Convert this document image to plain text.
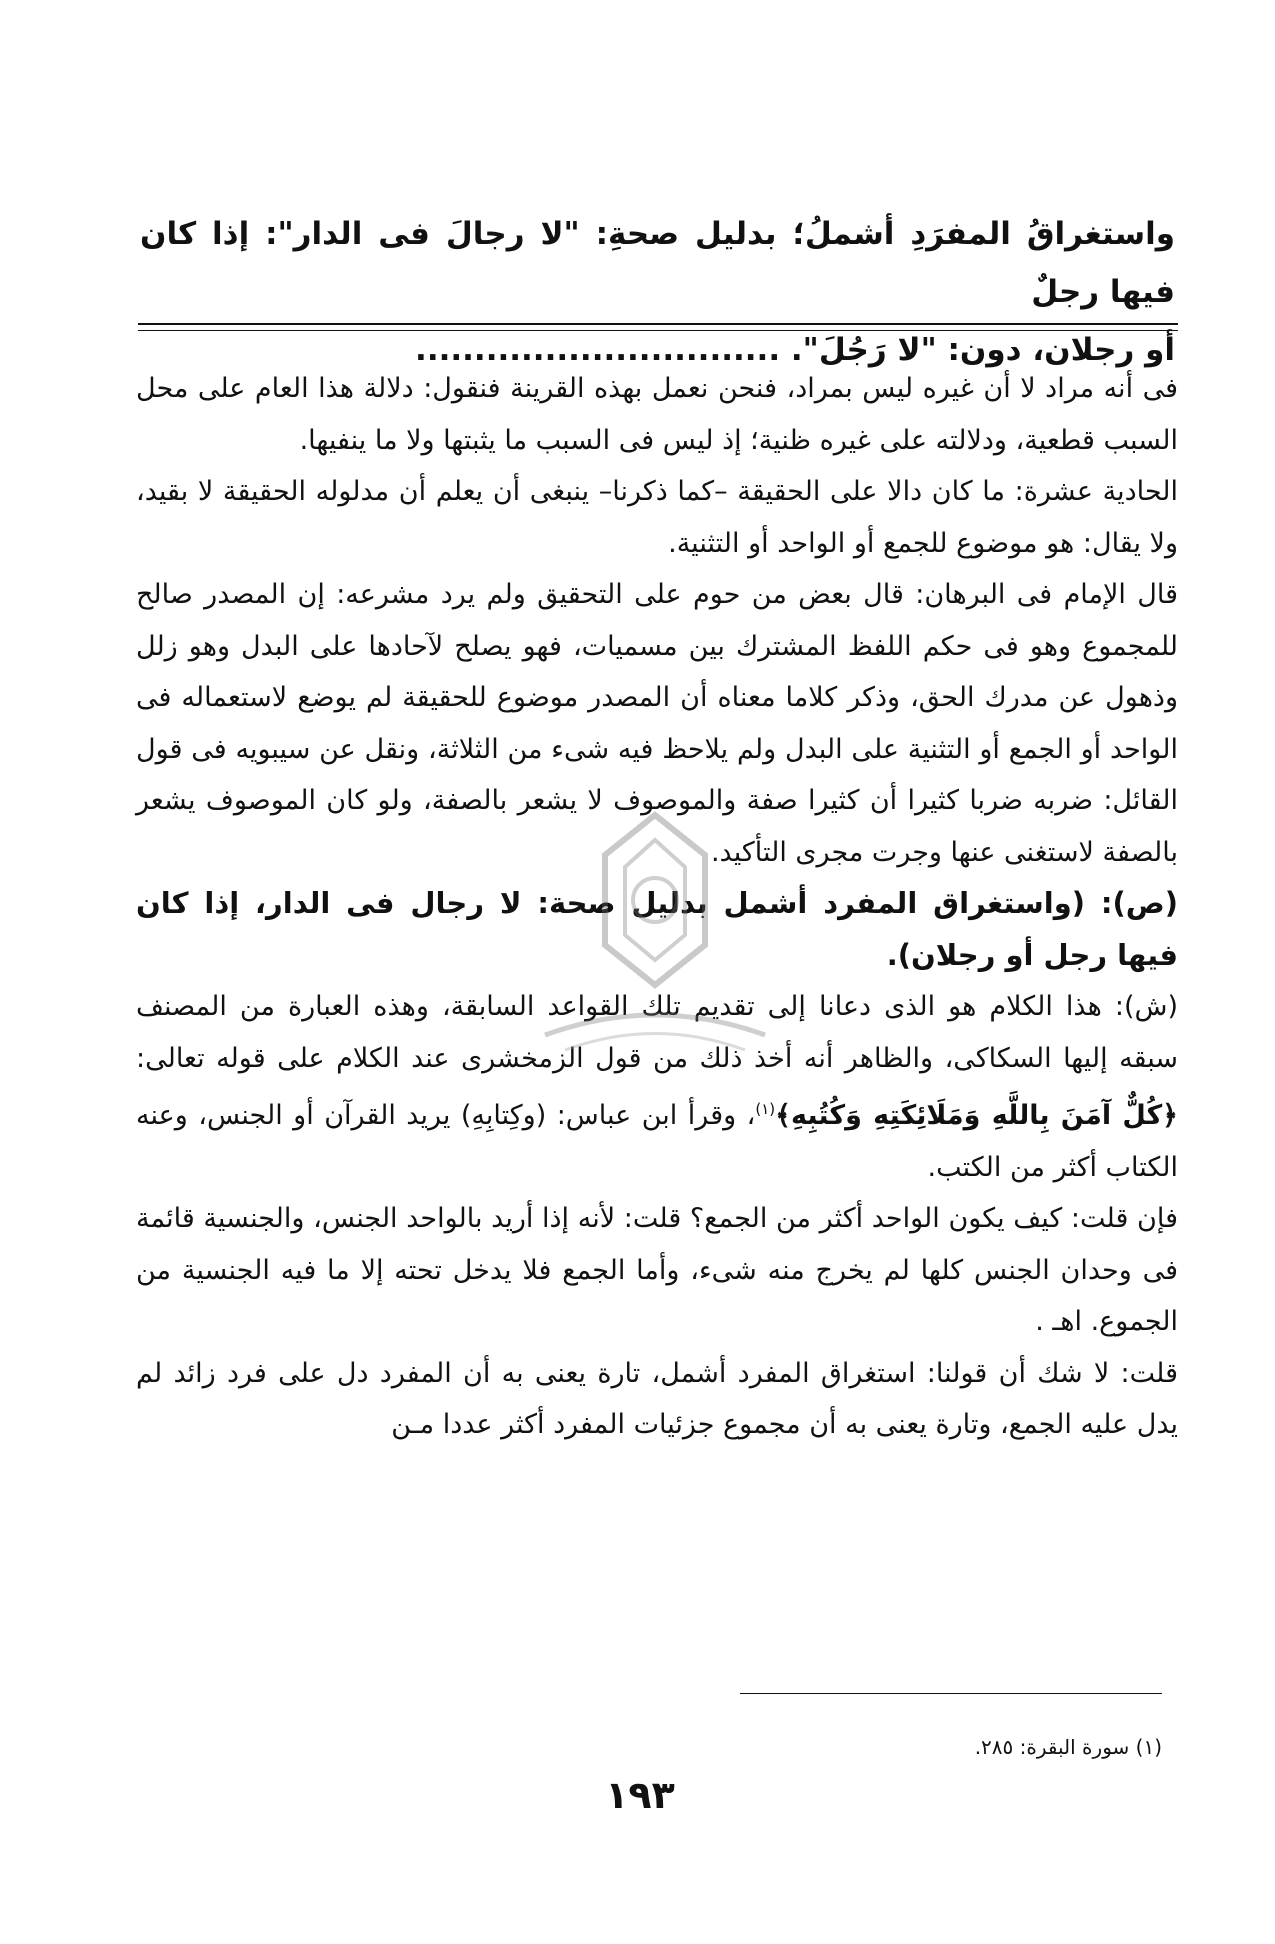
واستغراقُ المفرَدِ أشملُ؛ بدليل صحةِ: "لا رجالَ فى الدار": إذا كان فيها رجلٌ
أو رجلان، دون: "لا رَجُلَ". ...............................

فى أنه مراد لا أن غيره ليس بمراد، فنحن نعمل بهذه القرينة فنقول: دلالة هذا العام على محل السبب قطعية، ودلالته على غيره ظنية؛ إذ ليس فى السبب ما يثبتها ولا ما ينفيها.

الحادية عشرة: ما كان دالا على الحقيقة –كما ذكرنا– ينبغى أن يعلم أن مدلوله الحقيقة لا بقيد، ولا يقال: هو موضوع للجمع أو الواحد أو التثنية.

قال الإمام فى البرهان: قال بعض من حوم على التحقيق ولم يرد مشرعه: إن المصدر صالح للمجموع وهو فى حكم اللفظ المشترك بين مسميات، فهو يصلح لآحادها على البدل وهو زلل وذهول عن مدرك الحق، وذكر كلاما معناه أن المصدر موضوع للحقيقة لم يوضع لاستعماله فى الواحد أو الجمع أو التثنية على البدل ولم يلاحظ فيه شىء من الثلاثة، ونقل عن سيبويه فى قول القائل: ضربه ضربا كثيرا أن كثيرا صفة والموصوف لا يشعر بالصفة، ولو كان الموصوف يشعر بالصفة لاستغنى عنها وجرت مجرى التأكيد.

(ص): (واستغراق المفرد أشمل بدليل صحة: لا رجال فى الدار، إذا كان فيها رجل أو رجلان).

(ش): هذا الكلام هو الذى دعانا إلى تقديم تلك القواعد السابقة، وهذه العبارة من المصنف سبقه إليها السكاكى، والظاهر أنه أخذ ذلك من قول الزمخشرى عند الكلام على قوله تعالى: ﴿كُلٌّ آمَنَ بِاللَّهِ وَمَلَائِكَتِهِ وَكُتُبِهِ﴾$^{(١)}$، وقرأ ابن عباس: (وكِتابِهِ) يريد القرآن أو الجنس، وعنه الكتاب أكثر من الكتب.

فإن قلت: كيف يكون الواحد أكثر من الجمع؟ قلت: لأنه إذا أريد بالواحد الجنس، والجنسية قائمة فى وحدان الجنس كلها لم يخرج منه شىء، وأما الجمع فلا يدخل تحته إلا ما فيه الجنسية من الجموع. اهـ .

قلت: لا شك أن قولنا: استغراق المفرد أشمل، تارة يعنى به أن المفرد دل على فرد زائد لم يدل عليه الجمع، وتارة يعنى به أن مجموع جزئيات المفرد أكثر عددا مـن

(١) سورة البقرة: ٢٨٥.
١٩٣
